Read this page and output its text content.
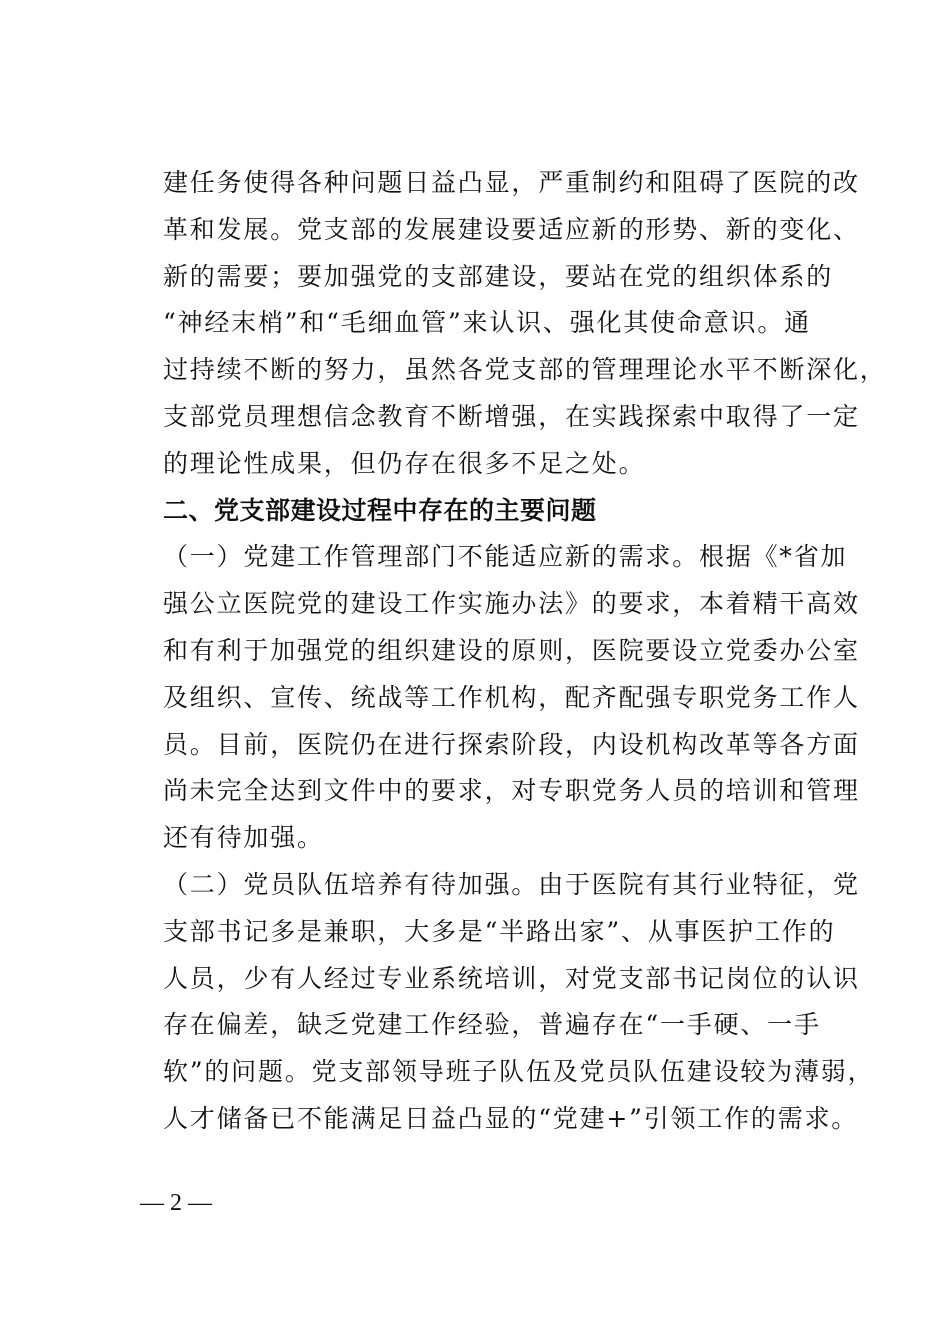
建任务使得各种问题日益凸显，严重制约和阻碍了医院的改
革和发展。党支部的发展建设要适应新的形势、新的变化、
新的需要；要加强党的支部建设，要站在党的组织体系的
“神经末梢”和“毛细血管”来认识、强化其使命意识。通
过持续不断的努力，虽然各党支部的管理理论水平不断深化，
支部党员理想信念教育不断增强，在实践探索中取得了一定
的理论性成果，但仍存在很多不足之处。
二、党支部建设过程中存在的主要问题
（一）党建工作管理部门不能适应新的需求。根据《*省加
强公立医院党的建设工作实施办法》的要求，本着精干高效
和有利于加强党的组织建设的原则，医院要设立党委办公室
及组织、宣传、统战等工作机构，配齐配强专职党务工作人
员。目前，医院仍在进行探索阶段，内设机构改革等各方面
尚未完全达到文件中的要求，对专职党务人员的培训和管理
还有待加强。
（二）党员队伍培养有待加强。由于医院有其行业特征，党
支部书记多是兼职，大多是“半路出家”、从事医护工作的
人员，少有人经过专业系统培训，对党支部书记岗位的认识
存在偏差，缺乏党建工作经验，普遍存在“一手硬、一手
软”的问题。党支部领导班子队伍及党员队伍建设较为薄弱，
人才储备已不能满足日益凸显的“党建+”引领工作的需求。
— 2 —
